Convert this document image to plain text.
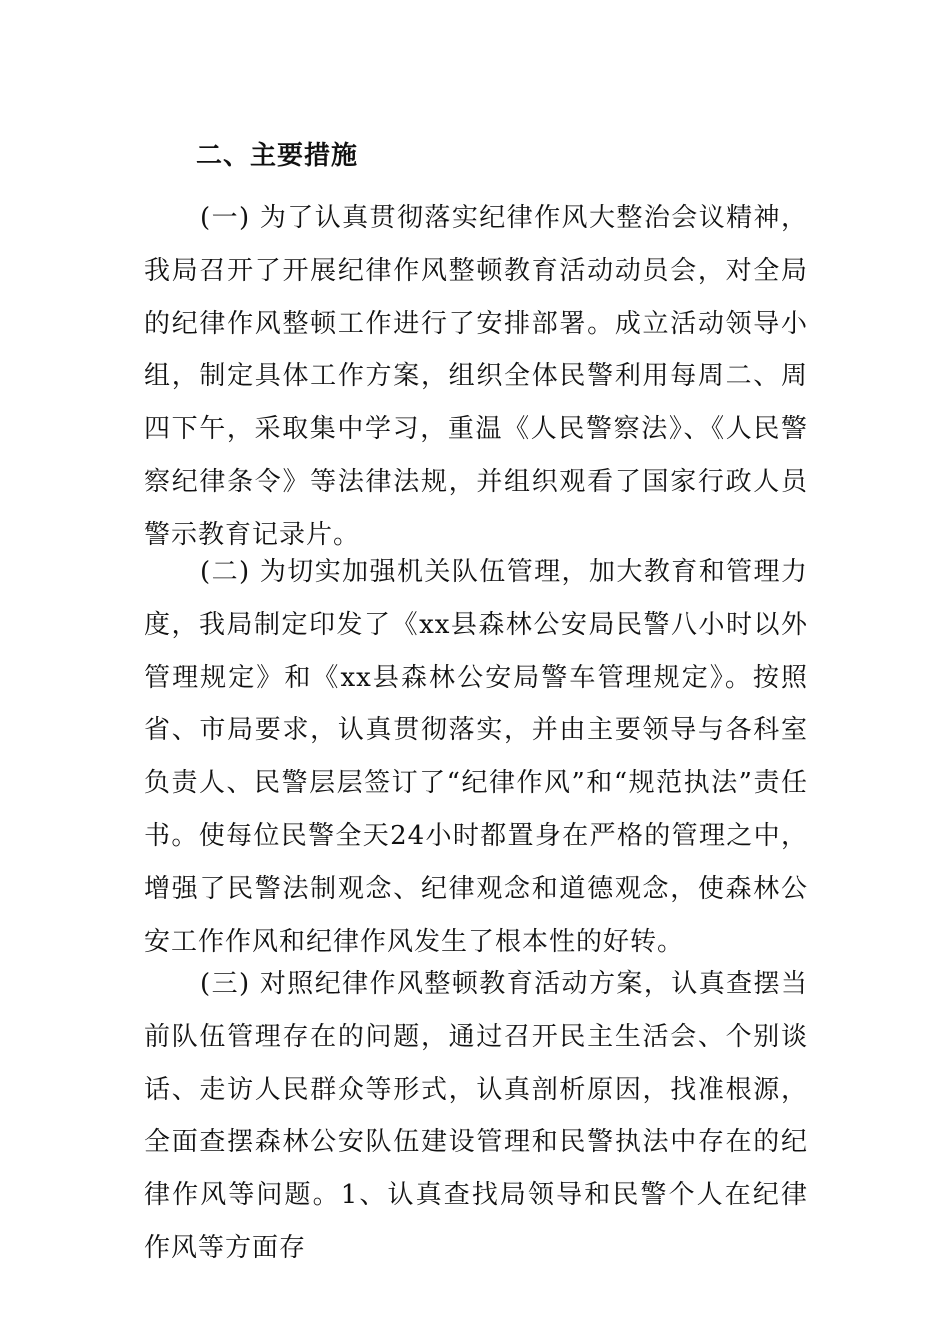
二、主要措施

(一) 为了认真贯彻落实纪律作风大整治会议精神，我局召开了开展纪律作风整顿教育活动动员会，对全局的纪律作风整顿工作进行了安排部署。成立活动领导小组，制定具体工作方案，组织全体民警利用每周二、周四下午，采取集中学习，重温《人民警察法》、《人民警察纪律条令》等法律法规，并组织观看了国家行政人员警示教育记录片。

(二) 为切实加强机关队伍管理，加大教育和管理力度，我局制定印发了《xx县森林公安局民警八小时以外管理规定》和《xx县森林公安局警车管理规定》。按照省、市局要求，认真贯彻落实，并由主要领导与各科室负责人、民警层层签订了“纪律作风”和“规范执法”责任书。使每位民警全天24小时都置身在严格的管理之中，增强了民警法制观念、纪律观念和道德观念，使森林公安工作作风和纪律作风发生了根本性的好转。

(三) 对照纪律作风整顿教育活动方案，认真查摆当前队伍管理存在的问题，通过召开民主生活会、个别谈话、走访人民群众等形式，认真剖析原因，找准根源，全面查摆森林公安队伍建设管理和民警执法中存在的纪律作风等问题。1、认真查找局领导和民警个人在纪律作风等方面存
